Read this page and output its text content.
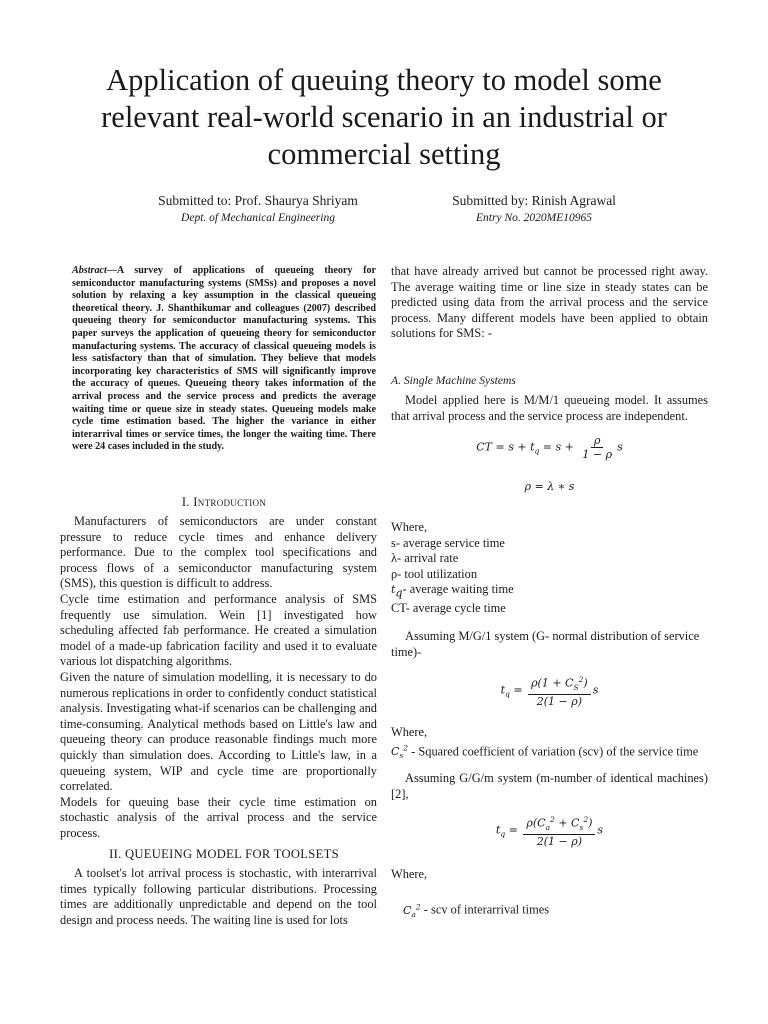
Application of queuing theory to model some relevant real-world scenario in an industrial or commercial setting
Submitted to: Prof. Shaurya Shriyam
Dept. of Mechanical Engineering
Submitted by: Rinish Agrawal
Entry No. 2020ME10965
Abstract—A survey of applications of queueing theory for semiconductor manufacturing systems (SMSs) and proposes a novel solution by relaxing a key assumption in the classical queueing theoretical theory. J. Shanthikumar and colleagues (2007) described queueing theory for semiconductor manufacturing systems. This paper surveys the application of queueing theory for semiconductor manufacturing systems. The accuracy of classical queueing models is less satisfactory than that of simulation. They believe that models incorporating key characteristics of SMS will significantly improve the accuracy of queues. Queueing theory takes information of the arrival process and the service process and predicts the average waiting time or queue size in steady states. Queueing models make cycle time estimation based. The higher the variance in either interarrival times or service times, the longer the waiting time. There were 24 cases included in the study.
I. Introduction
Manufacturers of semiconductors are under constant pressure to reduce cycle times and enhance delivery performance. Due to the complex tool specifications and process flows of a semiconductor manufacturing system (SMS), this question is difficult to address.
Cycle time estimation and performance analysis of SMS frequently use simulation. Wein [1] investigated how scheduling affected fab performance. He created a simulation model of a made-up fabrication facility and used it to evaluate various lot dispatching algorithms.
Given the nature of simulation modelling, it is necessary to do numerous replications in order to confidently conduct statistical analysis. Investigating what-if scenarios can be challenging and time-consuming. Analytical methods based on Little's law and queueing theory can produce reasonable findings much more quickly than simulation does. According to Little's law, in a queueing system, WIP and cycle time are proportionally correlated.
Models for queuing base their cycle time estimation on stochastic analysis of the arrival process and the service process.
II. QUEUEING MODEL FOR TOOLSETS
A toolset's lot arrival process is stochastic, with interarrival times typically following particular distributions. Processing times are additionally unpredictable and depend on the tool design and process needs. The waiting line is used for lots
that have already arrived but cannot be processed right away. The average waiting time or line size in steady states can be predicted using data from the arrival process and the service process. Many different models have been applied to obtain solutions for SMS: -
A. Single Machine Systems
Model applied here is M/M/1 queueing model. It assumes that arrival process and the service process are independent.
CT = $s + t_q = s + \frac{\rho}{1 - \rho}$ s
ρ = λ ∗ s
Where,
s- average service time
λ- arrival rate
ρ- tool utilization
$t_q-$ average waiting time
CT- average cycle time
Assuming M/G/1 system (G- normal distribution of service time)-
$t_q = \frac{\rho(1 + C_S^2)}{2(1 - \rho)}$ s
Where,
$C_s^2$ - Squared coefficient of variation (scv) of the service time
Assuming G/G/m system (m-number of identical machines)[2],
$t_q = \frac{\rho(C_a^2 + C_s^2)}{2(1 - \rho)}$ s
Where,
$C_a^2$ - scv of interarrival times
